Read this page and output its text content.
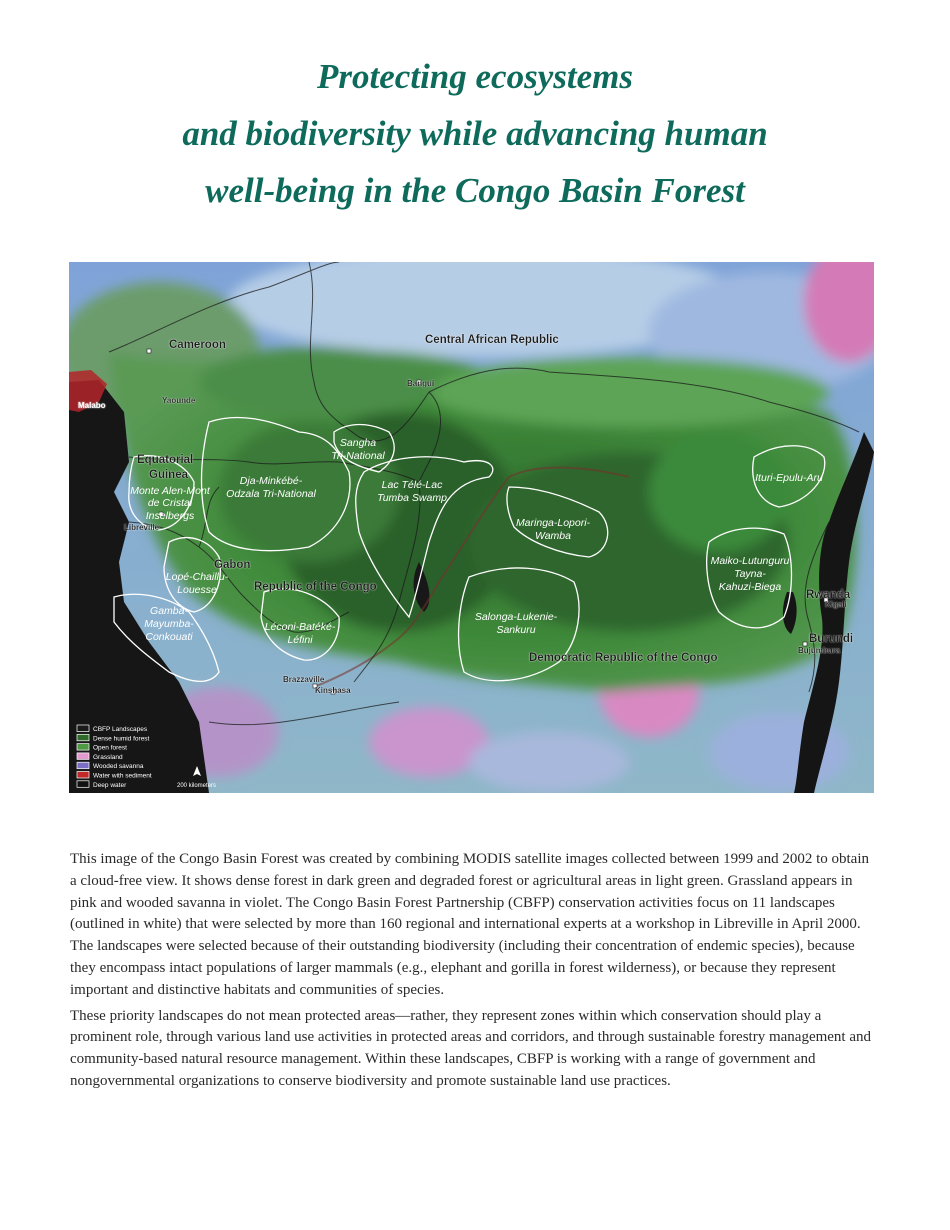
Protecting ecosystems
and biodiversity while advancing human
well-being in the Congo Basin Forest
Cameroon	Central African Republic
Equatorial
Guinea
Gabon
Republic of the Congo
Democratic Republic of the Congo
Rwanda
Burundi
Malabo
Yaounde
Bangui
Libreville
Brazzaville
Kinshasa
Kigali
Bujumbura
Monte Alen-Mont
de Cristal
Inselbergs
Dja-Minkébé-
Odzala Tri-National
Sangha
Tri-National
Lac Télé-Lac
Tumba Swamp
Maringa-Lopori-
Wamba
Ituri-Epulu-Aru
Maiko-Lutunguru
Tayna-
Kahuzi-Biega
Lopé-Chaillu-
Louesse
Gamba-
Mayumba-
Conkouati
Léconi-Batéké-
Léfini
Salonga-Lukenie-
Sankuru
CBFP Landscapes
Dense humid forest
Open forest
Grassland
Wooded savanna
Water with sediment
Deep water	200 kilometers

This image of the Congo Basin Forest was created by combining MODIS satellite images collected between 1999 and 2002 to obtain a cloud-free view. It shows dense forest in dark green and degraded forest or agricultural areas in light green. Grassland appears in pink and wooded savanna in violet. The Congo Basin Forest Partnership (CBFP) conservation activities focus on 11 landscapes (outlined in white) that were selected by more than 160 regional and international experts at a workshop in Libreville in April 2000. The landscapes were selected because of their outstanding biodiversity (including their concentration of endemic species), because they encompass intact populations of larger mammals (e.g., elephant and gorilla in forest wilderness), or because they represent important and distinctive habitats and communities of species.

These priority landscapes do not mean protected areas—rather, they represent zones within which conservation should play a prominent role, through various land use activities in protected areas and corridors, and through sustainable forestry management and community-based natural resource management. Within these landscapes, CBFP is working with a range of government and nongovernmental organizations to conserve biodiversity and promote sustainable land use practices.
